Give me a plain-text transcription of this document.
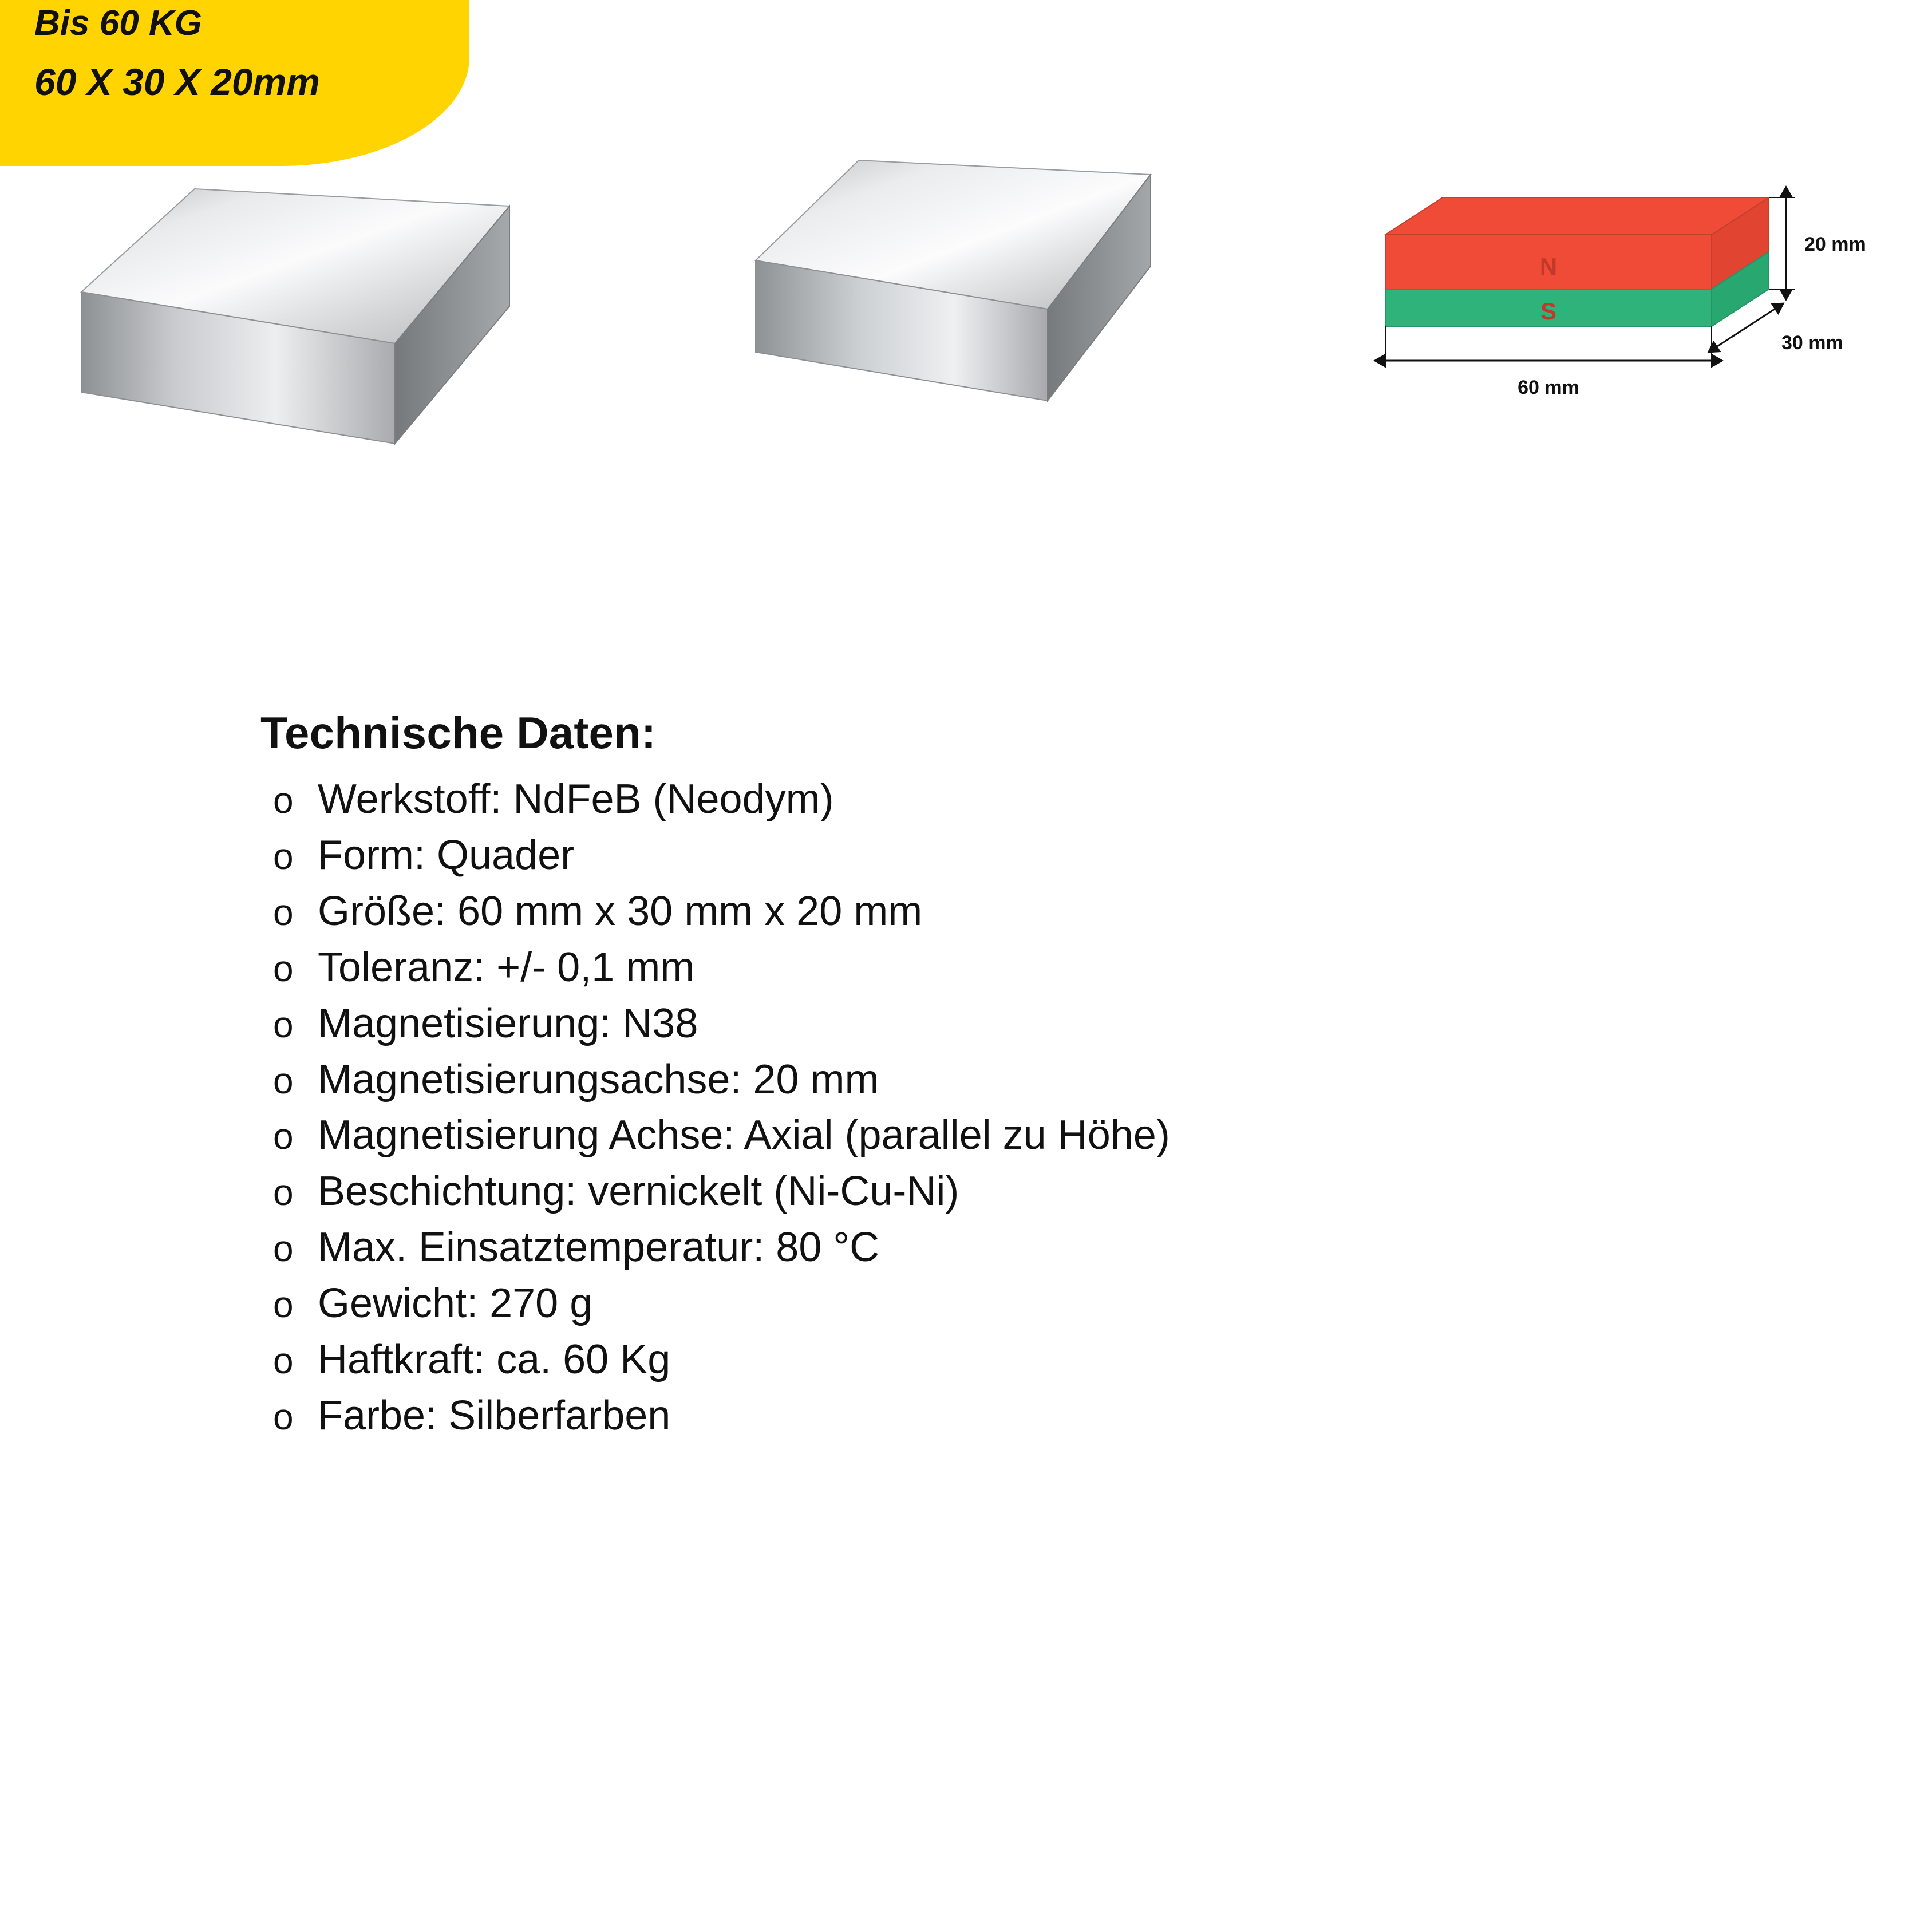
Bis 60 KG
60 X 30 X 20mm
N
S
20 mm
30 mm
60 mm
Technische Daten:
o Werkstoff: NdFeB (Neodym)
o Form: Quader
o Größe: 60 mm x 30 mm x 20 mm
o Toleranz: +/- 0,1 mm
o Magnetisierung: N38
o Magnetisierungsachse: 20 mm
o Magnetisierung Achse: Axial (parallel zu Höhe)
o Beschichtung: vernickelt (Ni-Cu-Ni)
o Max. Einsatztemperatur: 80 °C
o Gewicht: 270 g
o Haftkraft: ca. 60 Kg
o Farbe: Silberfarben
